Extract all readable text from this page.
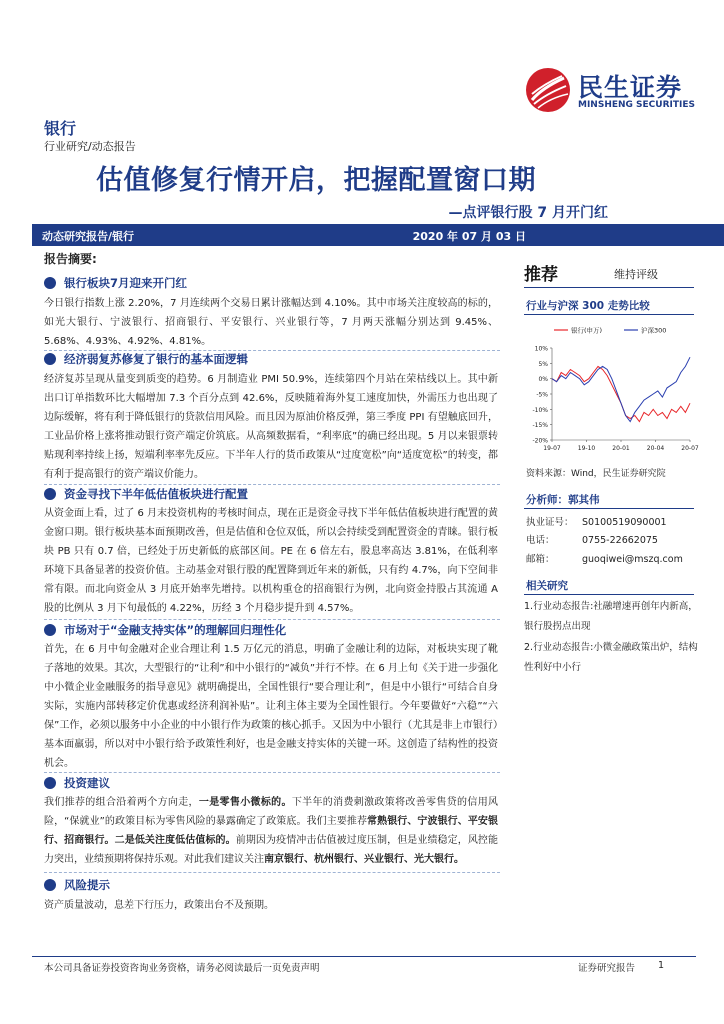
民生证券
MINSHENG SECURITIES
银行
行业研究/动态报告
估值修复行情开启，把握配置窗口期
—点评银行股 7 月开门红
动态研究报告/银行	2020 年 07 月 03 日
报告摘要:
银行板块7月迎来开门红
今日银行指数上涨 2.20%，7 月连续两个交易日累计涨幅达到 4.10%。其中市场关注度较高的标的，如光大银行、宁波银行、招商银行、平安银行、兴业银行等，7 月两天涨幅分别达到 9.45%、5.68%、4.93%、4.92%、4.81%。
经济弱复苏修复了银行的基本面逻辑
经济复苏呈现从量变到质变的趋势。6 月制造业 PMI 50.9%，连续第四个月站在荣枯线以上。其中新出口订单指数环比大幅增加 7.3 个百分点到 42.6%，反映随着海外复工速度加快，外需压力也出现了边际缓解，将有利于降低银行的贷款信用风险。而且因为原油价格反弹，第三季度 PPI 有望触底回升，工业品价格上涨将推动银行资产端定价筑底。从高频数据看，“利率底”的确已经出现。5 月以来银票转贴现利率持续上扬，短端利率率先反应。下半年人行的货币政策从“过度宽松”向“适度宽松”的转变，都有利于提高银行的资产端议价能力。
资金寻找下半年低估值板块进行配置
从资金面上看，过了 6 月末投资机构的考核时间点，现在正是资金寻找下半年低估值板块进行配置的黄金窗口期。银行板块基本面预期改善，但是估值和仓位双低，所以会持续受到配置资金的青睐。银行板块 PB 只有 0.7 倍，已经处于历史新低的底部区间。PE 在 6 倍左右，股息率高达 3.81%，在低利率环境下具备显著的投资价值。主动基金对银行股的配置降到近年来的新低，只有约 4.7%，向下空间非常有限。而北向资金从 3 月底开始率先增持。以机构重仓的招商银行为例，北向资金持股占其流通 A 股的比例从 3 月下旬最低的 4.22%，历经 3 个月稳步提升到 4.57%。
市场对于“金融支持实体”的理解回归理性化
首先，在 6 月中旬金融对企业合理让利 1.5 万亿元的消息，明确了金融让利的边际，对板块实现了靴子落地的效果。其次，大型银行的“让利”和中小银行的“减负”并行不悖。在 6 月上旬《关于进一步强化中小微企业金融服务的指导意见》就明确提出，全国性银行“要合理让利”，但是中小银行“可结合自身实际，实施内部转移定价优惠或经济利润补贴”。让利主体主要为全国性银行。今年要做好“六稳”“六保”工作，必须以服务中小企业的中小银行作为政策的核心抓手。又因为中小银行（尤其是非上市银行）基本面羸弱，所以对中小银行给予政策性利好，也是金融支持实体的关键一环。这创造了结构性的投资机会。
投资建议
我们推荐的组合沿着两个方向走，一是零售小微标的。下半年的消费刺激政策将改善零售贷的信用风险，“保就业”的政策目标为零售风险的暴露确定了政策底。我们主要推荐常熟银行、宁波银行、平安银行、招商银行。二是低关注度低估值标的。前期因为疫情冲击估值被过度压制，但是业绩稳定，风控能力突出，业绩预期将保持乐观。对此我们建议关注南京银行、杭州银行、兴业银行、光大银行。
风险提示
资产质量波动，息差下行压力，政策出台不及预期。
推荐	维持评级
行业与沪深 300 走势比较
10%
5%
0%
-5%
-10%
-15%
-20%
19-07	19-10	20-01	20-04	20-07
银行(申万)	沪深300
资料来源：Wind，民生证券研究院
分析师：郭其伟
执业证号： S0100519090001
电话：	0755-22662075
邮箱：	guoqiwei@mszq.com
相关研究
1.行业动态报告:社融增速再创年内新高，银行股拐点出现
2.行业动态报告:小微金融政策出炉，结构性利好中小行
本公司具备证券投资咨询业务资格，请务必阅读最后一页免责声明	证券研究报告 1
